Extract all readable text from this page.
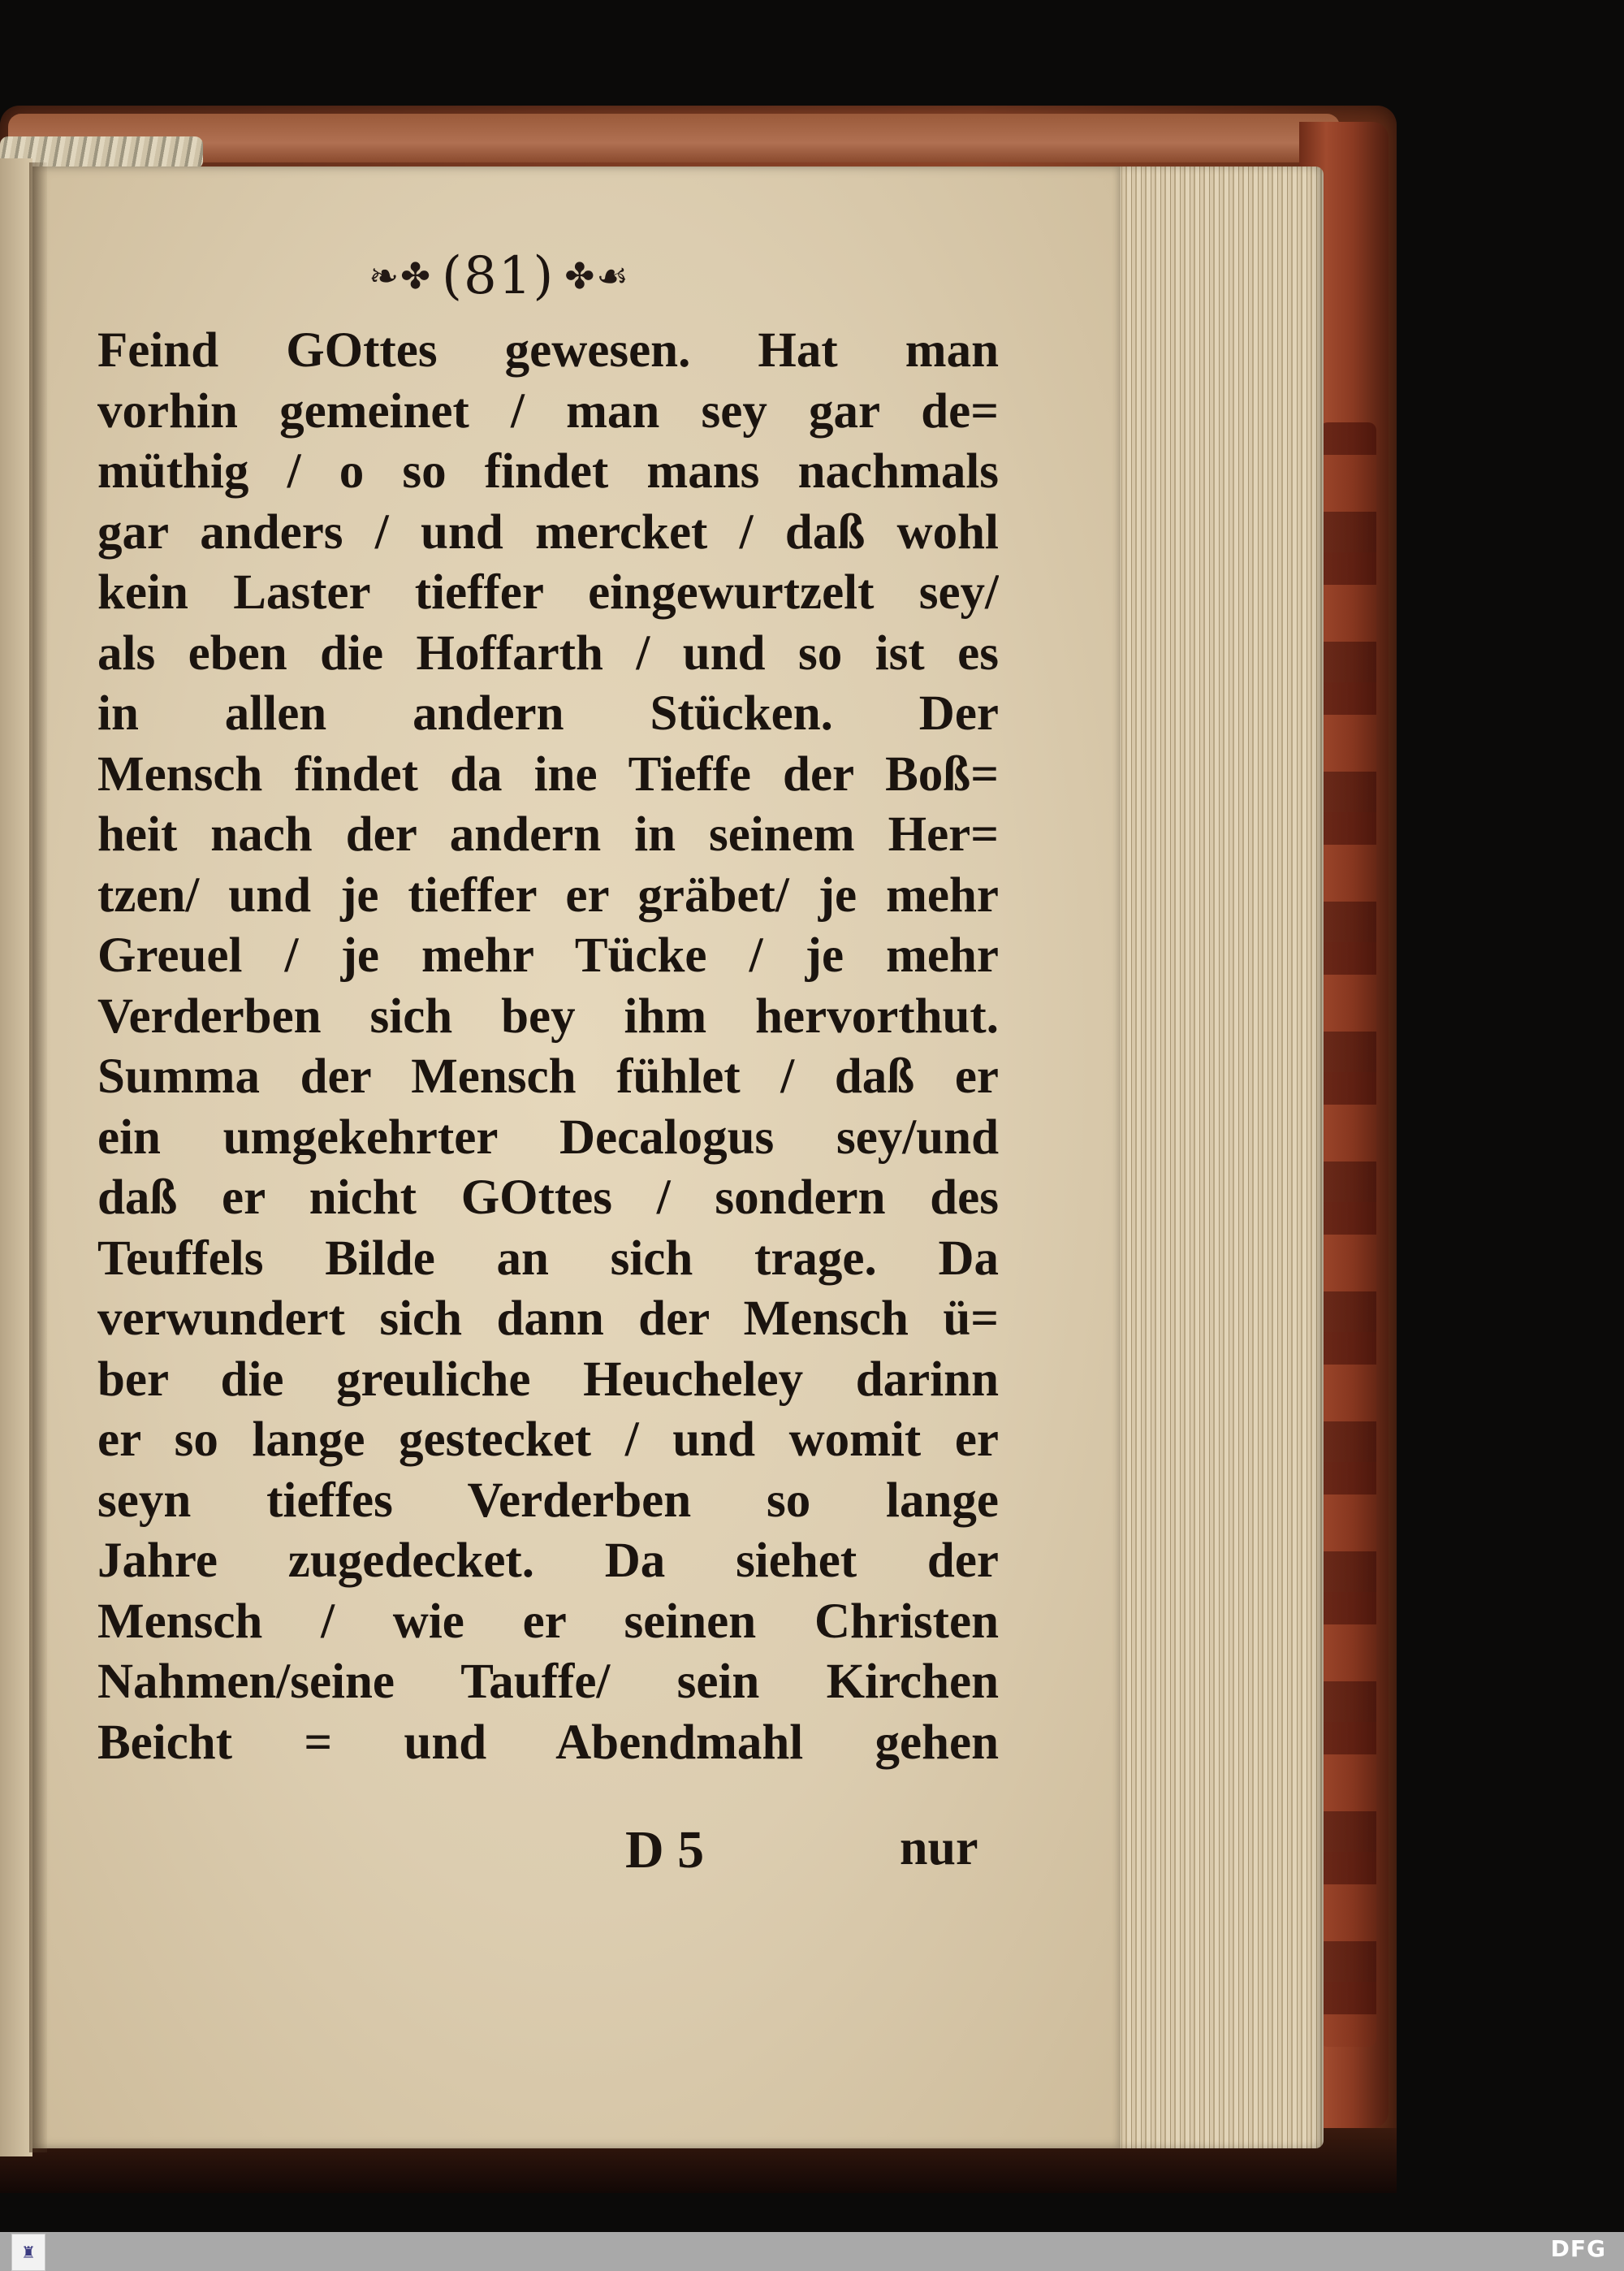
❧✤ (81) ✤☙
Feind GOttes gewesen. Hat man
vorhin gemeinet / man sey gar de=
müthig / o so findet mans nachmals
gar anders / und mercket / daß wohl
kein Laster tieffer eingewurtzelt sey/
als eben die Hoffarth / und so ist es
in allen andern Stücken. Der
Mensch findet da ine Tieffe der Boß=
heit nach der andern in seinem Her=
tzen/ und je tieffer er gräbet/ je mehr
Greuel / je mehr Tücke / je mehr
Verderben sich bey ihm hervorthut.
Summa der Mensch fühlet / daß er
ein umgekehrter Decalogus sey/und
daß er nicht GOttes / sondern des
Teuffels Bilde an sich trage. Da
verwundert sich dann der Mensch ü=
ber die greuliche Heucheley darinn
er so lange gestecket / und womit er
seyn tieffes Verderben so lange
Jahre zugedecket. Da siehet der
Mensch / wie er seinen Christen
Nahmen/seine Tauffe/ sein Kirchen
Beicht = und Abendmahl gehen
D 5	nur
♜	DFG
